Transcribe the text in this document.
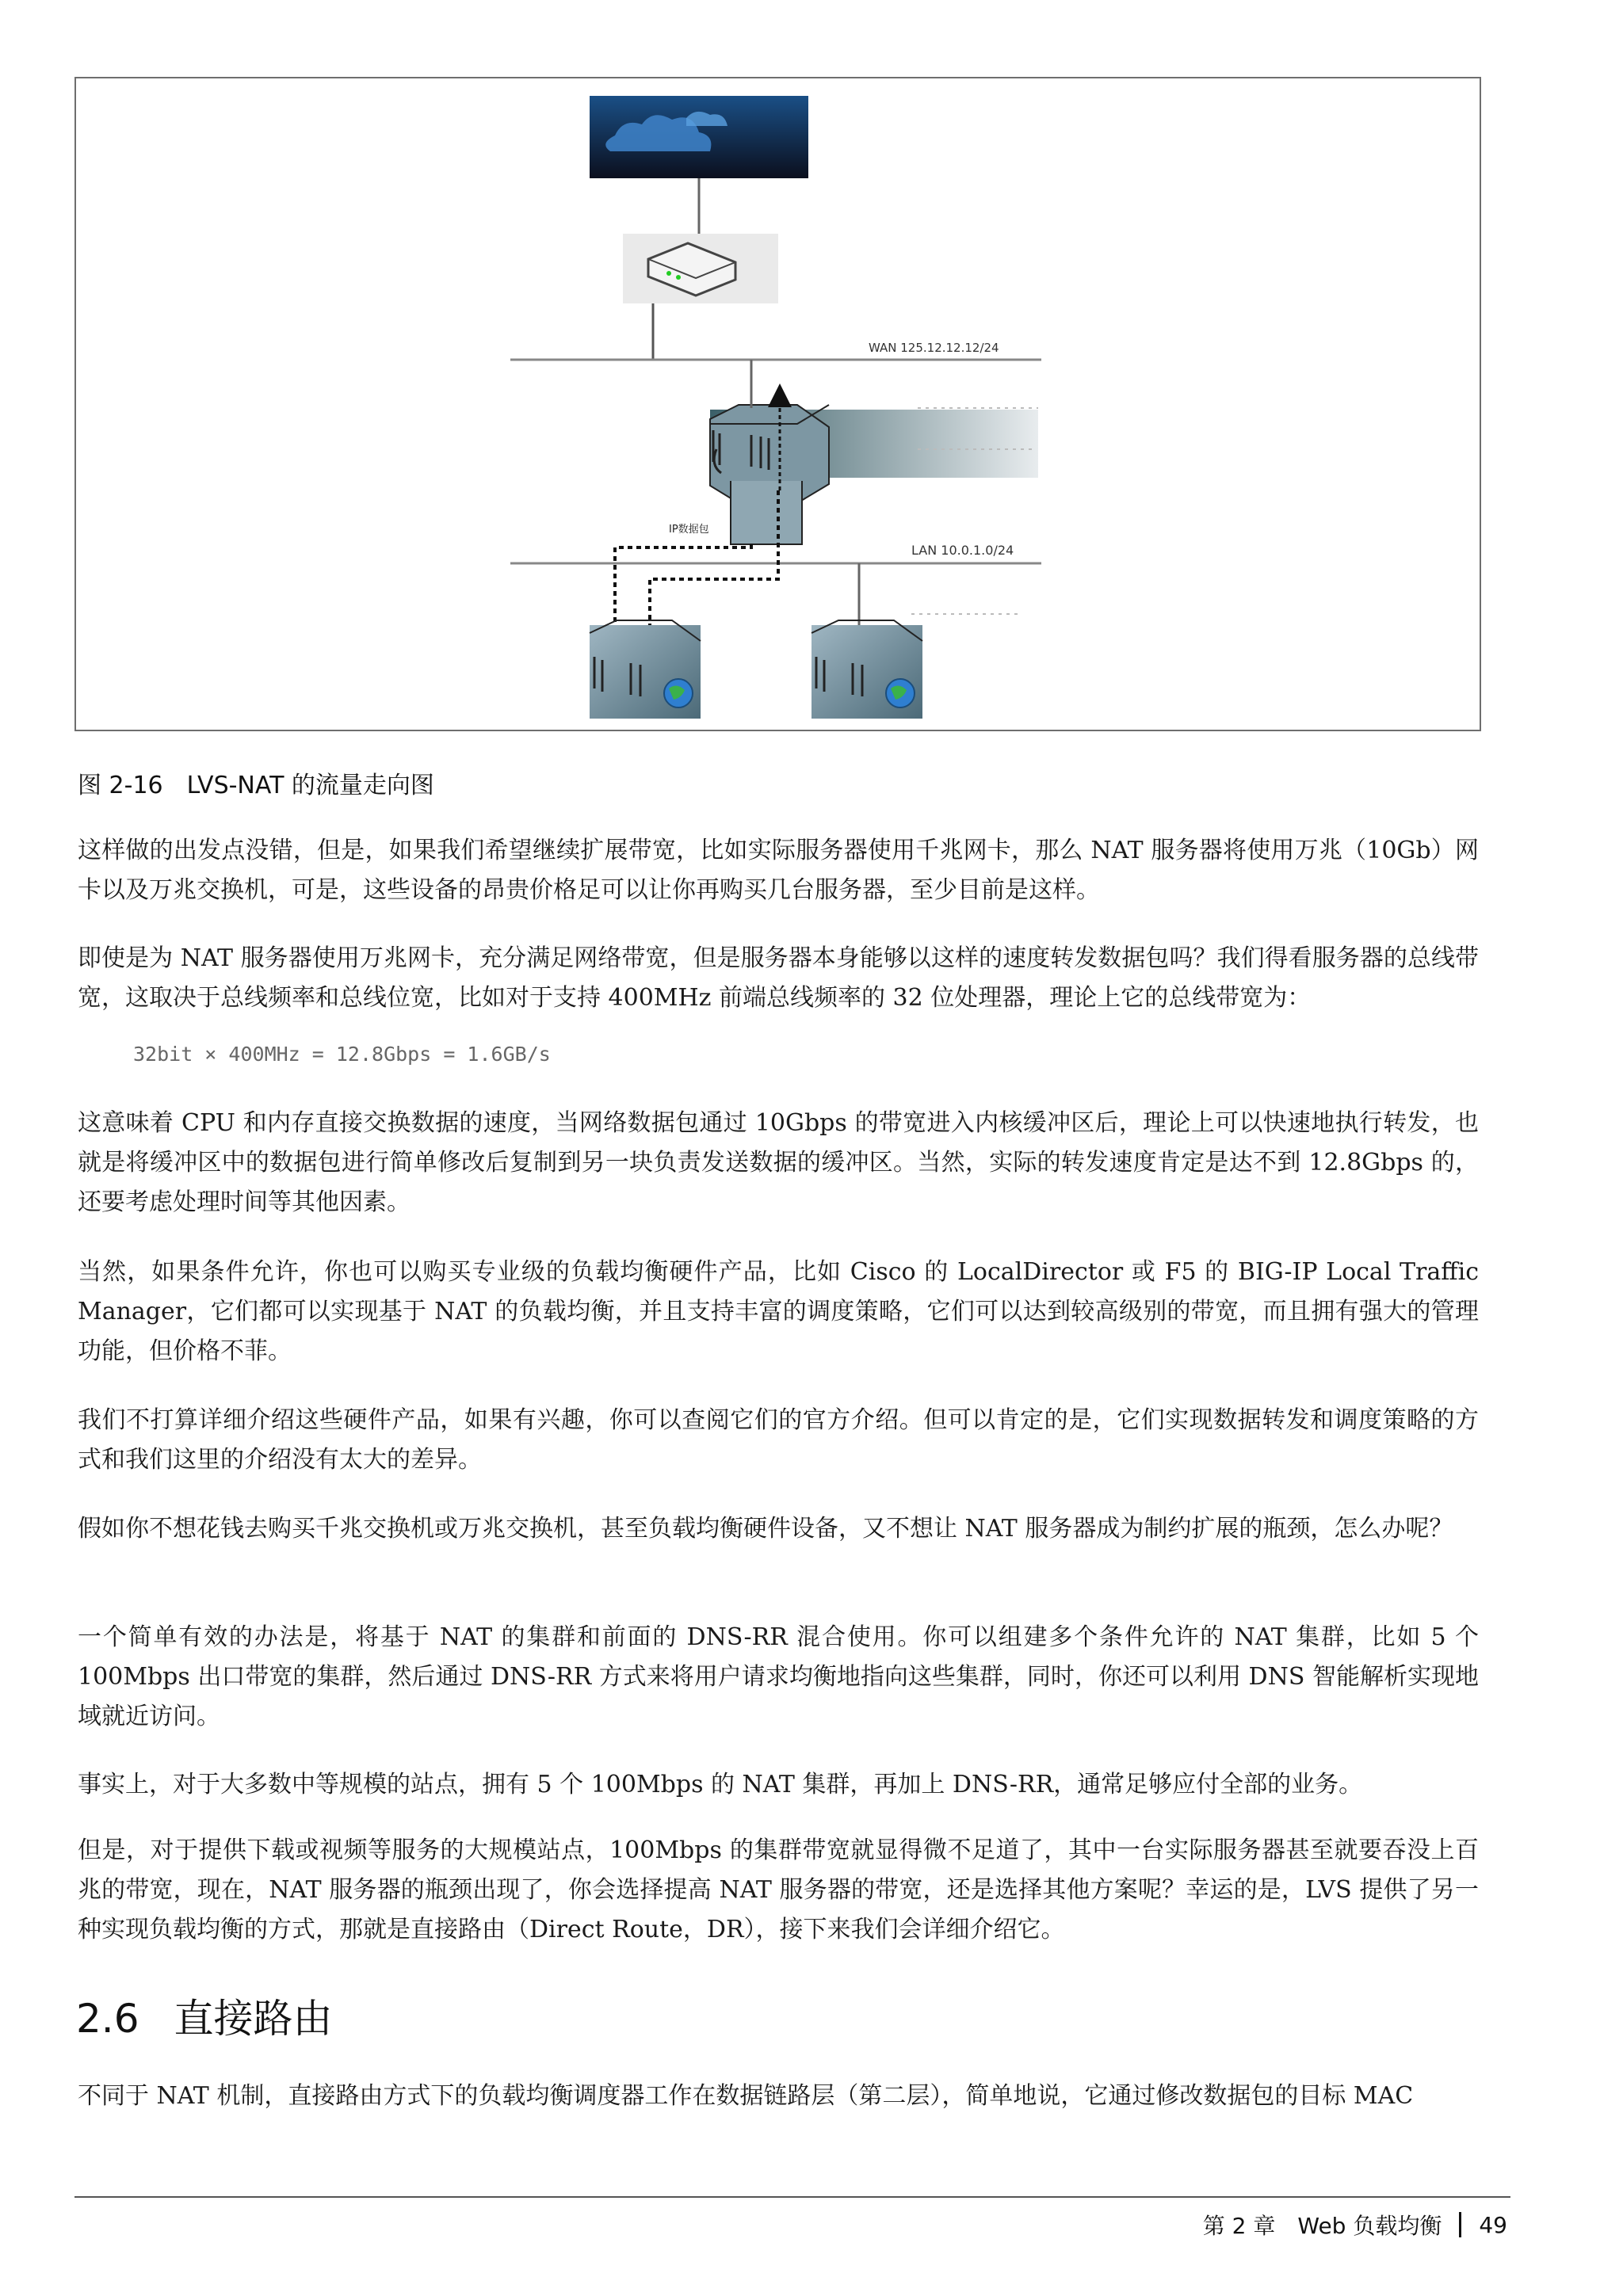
WAN 125.12.12.12/24
LAN 10.0.1.0/24
IP数据包
图 2-16 LVS-NAT 的流量走向图

这样做的出发点没错，但是，如果我们希望继续扩展带宽，比如实际服务器使用千兆网卡，那么 NAT 服务器将使用万兆（10Gb）网卡以及万兆交换机，可是，这些设备的昂贵价格足可以让你再购买几台服务器，至少目前是这样。

即使是为 NAT 服务器使用万兆网卡，充分满足网络带宽，但是服务器本身能够以这样的速度转发数据包吗？我们得看服务器的总线带宽，这取决于总线频率和总线位宽，比如对于支持 400MHz 前端总线频率的 32 位处理器，理论上它的总线带宽为：

32bit × 400MHz = 12.8Gbps = 1.6GB/s

这意味着 CPU 和内存直接交换数据的速度，当网络数据包通过 10Gbps 的带宽进入内核缓冲区后，理论上可以快速地执行转发，也就是将缓冲区中的数据包进行简单修改后复制到另一块负责发送数据的缓冲区。当然，实际的转发速度肯定是达不到 12.8Gbps 的，还要考虑处理时间等其他因素。

当然，如果条件允许，你也可以购买专业级的负载均衡硬件产品，比如 Cisco 的 LocalDirector 或 F5 的 BIG-IP Local Traffic Manager，它们都可以实现基于 NAT 的负载均衡，并且支持丰富的调度策略，它们可以达到较高级别的带宽，而且拥有强大的管理功能，但价格不菲。

我们不打算详细介绍这些硬件产品，如果有兴趣，你可以查阅它们的官方介绍。但可以肯定的是，它们实现数据转发和调度策略的方式和我们这里的介绍没有太大的差异。

假如你不想花钱去购买千兆交换机或万兆交换机，甚至负载均衡硬件设备，又不想让 NAT 服务器成为制约扩展的瓶颈，怎么办呢？

一个简单有效的办法是，将基于 NAT 的集群和前面的 DNS-RR 混合使用。你可以组建多个条件允许的 NAT 集群，比如 5 个 100Mbps 出口带宽的集群，然后通过 DNS-RR 方式来将用户请求均衡地指向这些集群，同时，你还可以利用 DNS 智能解析实现地域就近访问。

事实上，对于大多数中等规模的站点，拥有 5 个 100Mbps 的 NAT 集群，再加上 DNS-RR，通常足够应付全部的业务。

但是，对于提供下载或视频等服务的大规模站点，100Mbps 的集群带宽就显得微不足道了，其中一台实际服务器甚至就要吞没上百兆的带宽，现在，NAT 服务器的瓶颈出现了，你会选择提高 NAT 服务器的带宽，还是选择其他方案呢？幸运的是，LVS 提供了另一种实现负载均衡的方式，那就是直接路由（Direct Route，DR），接下来我们会详细介绍它。

2.6 直接路由

不同于 NAT 机制，直接路由方式下的负载均衡调度器工作在数据链路层（第二层），简单地说，它通过修改数据包的目标 MAC

第 2 章 Web 负载均衡 49
